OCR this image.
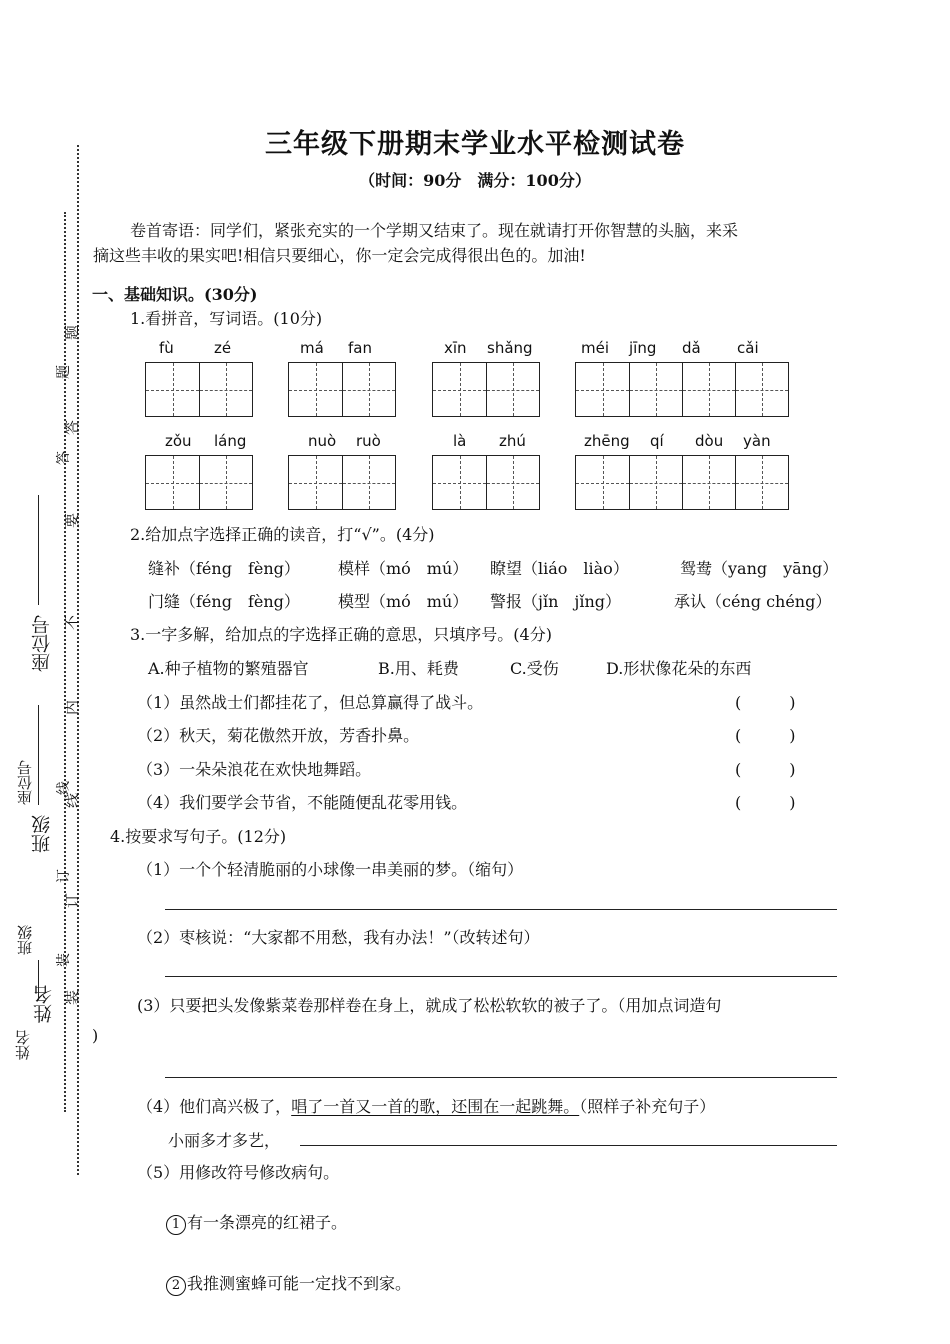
姓名
班级
座位号
姓名
班级
座位号
装
订
线
内
不
要
答
题
装
订
线
答
题
三年级下册期末学业水平检测试卷
（时间：90分　满分：100分）
卷首寄语：同学们，紧张充实的一个学期又结束了。现在就请打开你智慧的头脑，来采
摘这些丰收的果实吧!相信只要细心，你一定会完成得很出色的。加油!
一、基础知识。(30分)
1.看拼音，写词语。(10分)
fù	zé	má fan	xīn shǎng	méi jīng dǎ cǎi
zǒu láng	nuò ruò	là zhú	zhēng qí dòu yàn
2.给加点字选择正确的读音，打“√”。(4分)
缝补（féng　fèng） 模样（mó　mú） 瞭望（liáo　liào）	鸳鸯（yang　yāng）
门缝（féng　fèng） 模型（mó　mú） 警报（jǐn　jǐng）	承认（céng chéng）
3.一字多解，给加点的字选择正确的意思，只填序号。(4分)
A.种子植物的繁殖器官	B.用、耗费	C.受伤	D.形状像花朵的东西
（1）虽然战士们都挂花了，但总算赢得了战斗。	(　　　)
（2）秋天，菊花傲然开放，芳香扑鼻。	(　　　)
（3）一朵朵浪花在欢快地舞蹈。	(　　　)
（4）我们要学会节省，不能随便乱花零用钱。	(　　　)
4.按要求写句子。(12分)
（1）一个个轻清脆丽的小球像一串美丽的梦。（缩句）
（2）枣核说：“大家都不用愁，我有办法！”（改转述句）
(3）只要把头发像紫菜卷那样卷在身上，就成了松松软软的被子了。（用加点词造句
)
（4）他们高兴极了，唱了一首又一首的歌，还围在一起跳舞。（照样子补充句子）
小丽多才多艺，
（5）用修改符号修改病句。
1 有一条漂亮的红裙子。
2 我推测蜜蜂可能一定找不到家。
